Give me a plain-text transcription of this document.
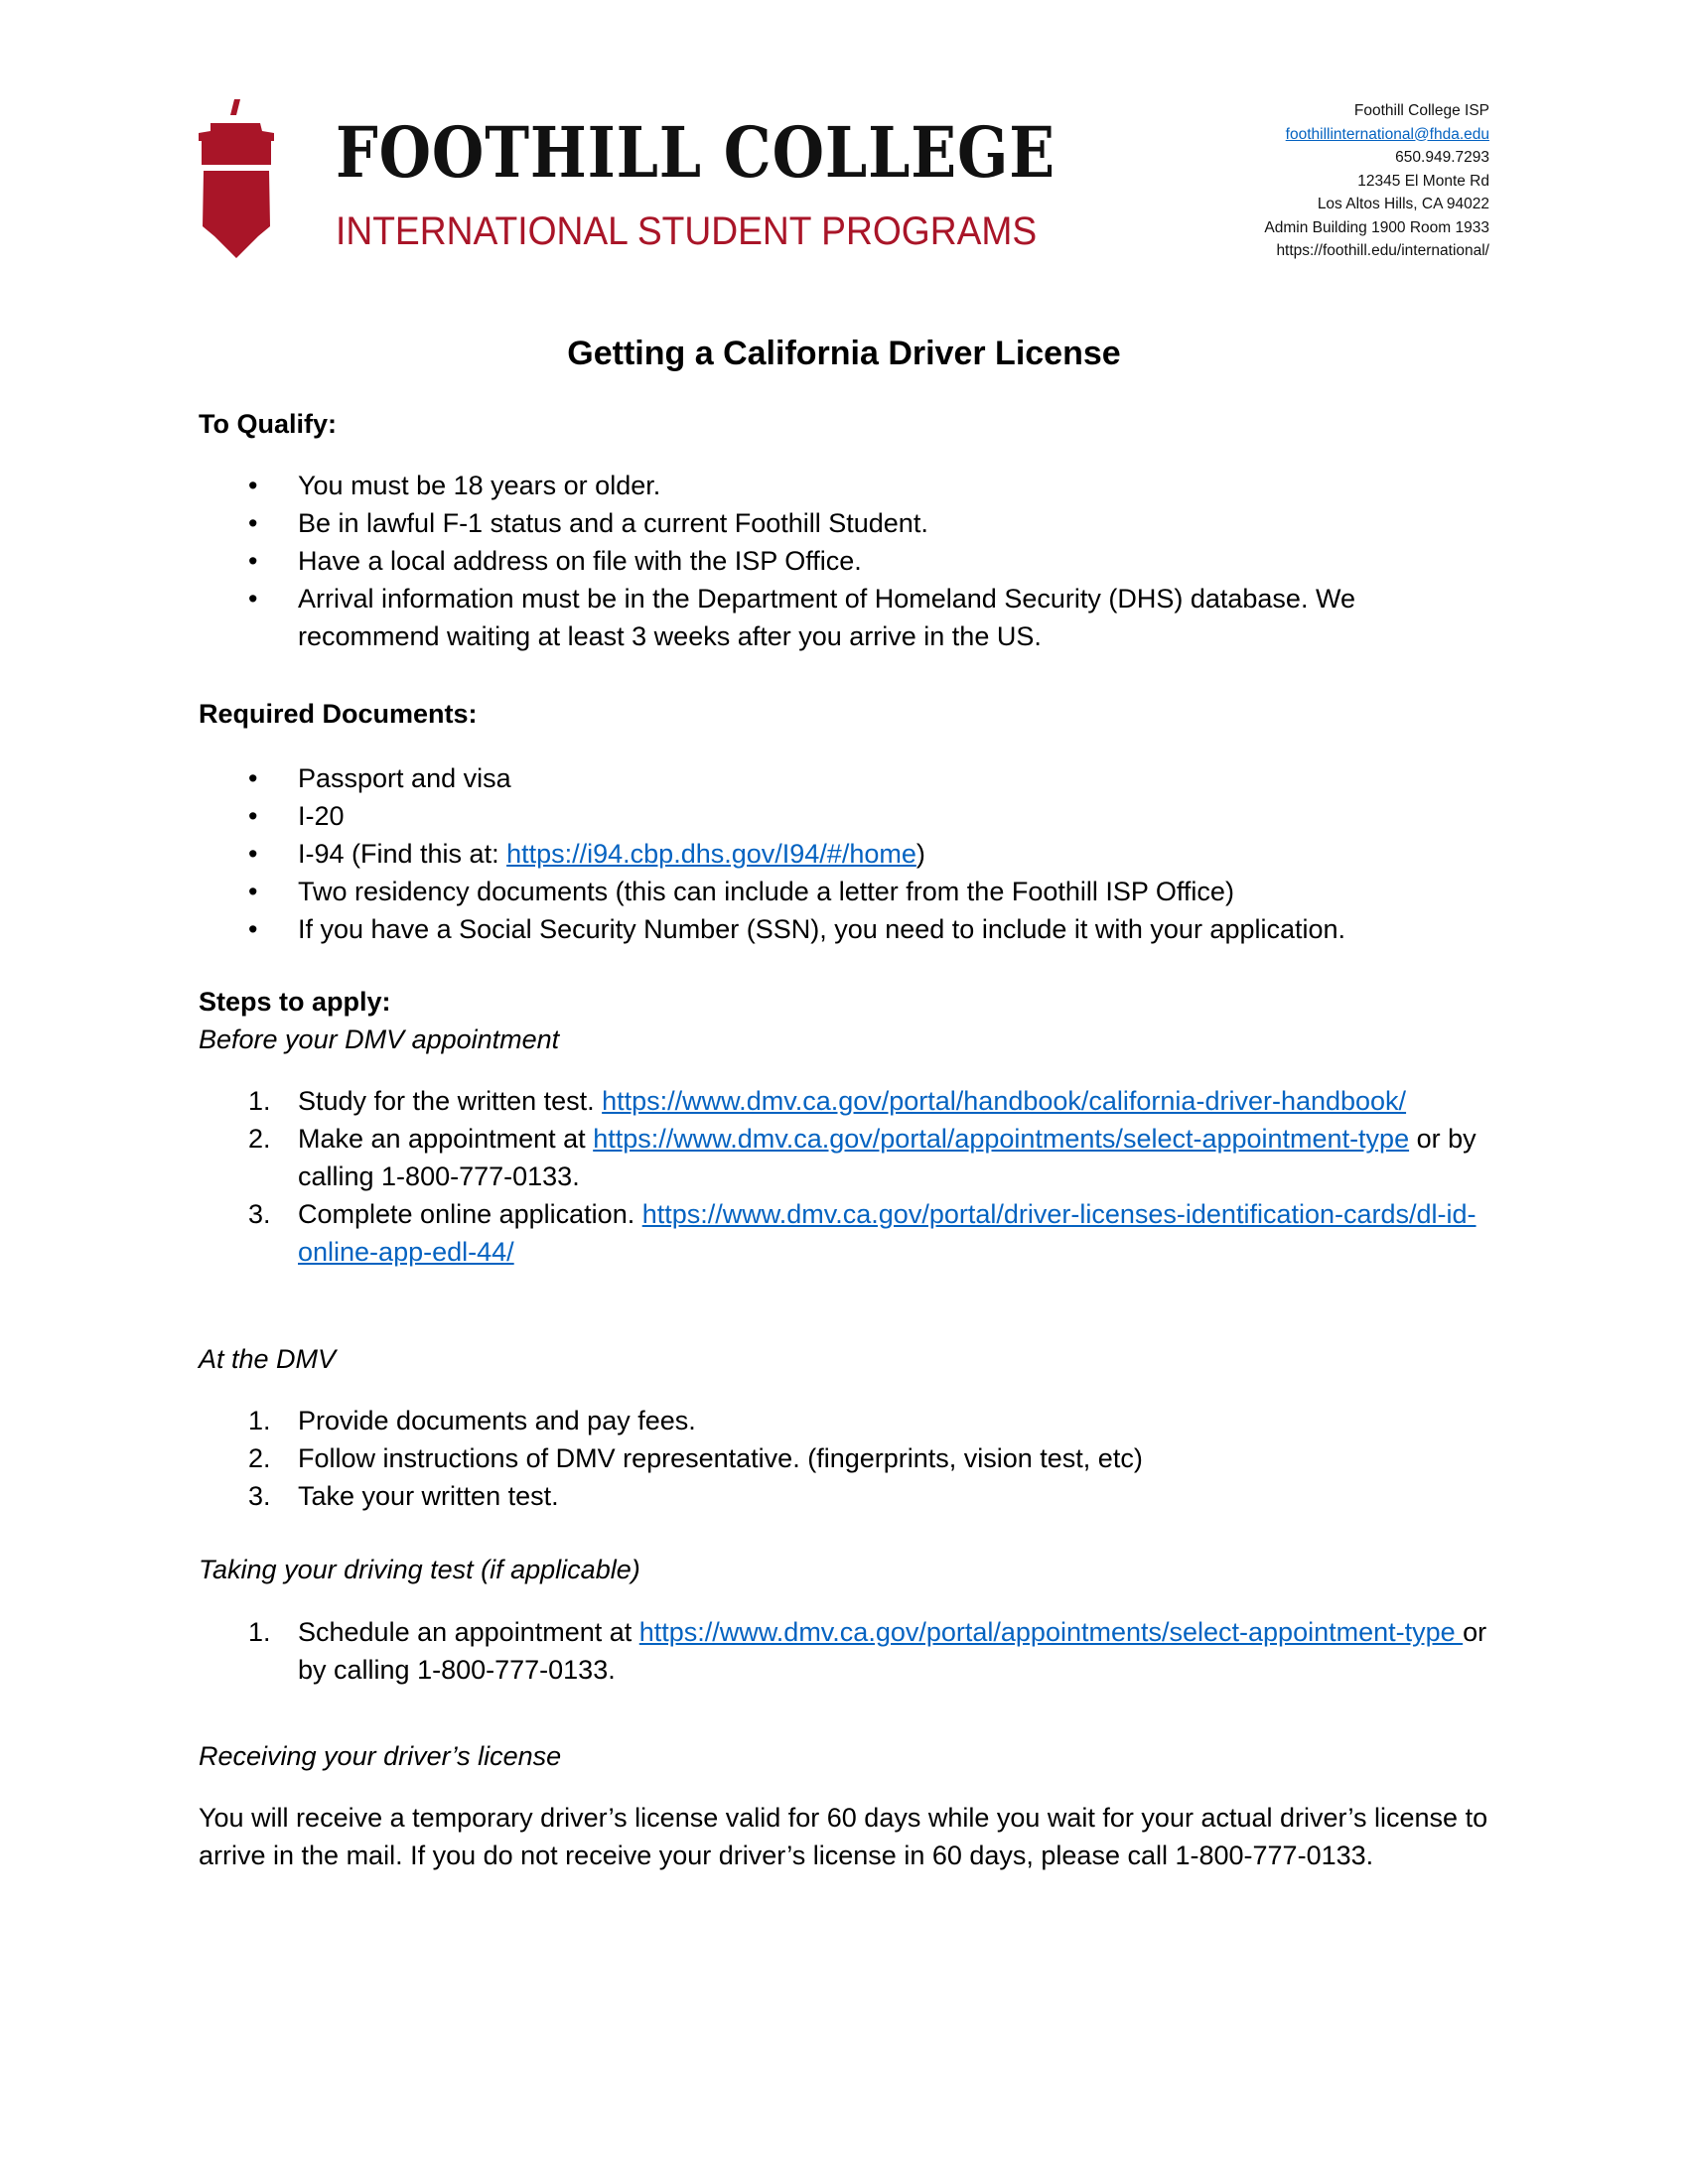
FOOTHILL COLLEGE
INTERNATIONAL STUDENT PROGRAMS
Foothill College ISP
foothillinternational@fhda.edu
650.949.7293
12345 El Monte Rd
Los Altos Hills, CA 94022
Admin Building 1900 Room 1933
https://foothill.edu/international/
Getting a California Driver License
To Qualify:
• You must be 18 years or older.
• Be in lawful F-1 status and a current Foothill Student.
• Have a local address on file with the ISP Office.
• Arrival information must be in the Department of Homeland Security (DHS) database. We recommend waiting at least 3 weeks after you arrive in the US.
Required Documents:
• Passport and visa
• I-20
• I-94 (Find this at: https://i94.cbp.dhs.gov/I94/#/home)
• Two residency documents (this can include a letter from the Foothill ISP Office)
• If you have a Social Security Number (SSN), you need to include it with your application.
Steps to apply:
Before your DMV appointment
1. Study for the written test. https://www.dmv.ca.gov/portal/handbook/california-driver-handbook/
2. Make an appointment at https://www.dmv.ca.gov/portal/appointments/select-appointment-type or by calling 1-800-777-0133.
3. Complete online application. https://www.dmv.ca.gov/portal/driver-licenses-identification-cards/dl-id-online-app-edl-44/
At the DMV
1. Provide documents and pay fees.
2. Follow instructions of DMV representative. (fingerprints, vision test, etc)
3. Take your written test.
Taking your driving test (if applicable)
1. Schedule an appointment at https://www.dmv.ca.gov/portal/appointments/select-appointment-type or by calling 1-800-777-0133.
Receiving your driver’s license

You will receive a temporary driver’s license valid for 60 days while you wait for your actual driver’s license to arrive in the mail. If you do not receive your driver’s license in 60 days, please call 1-800-777-0133.
